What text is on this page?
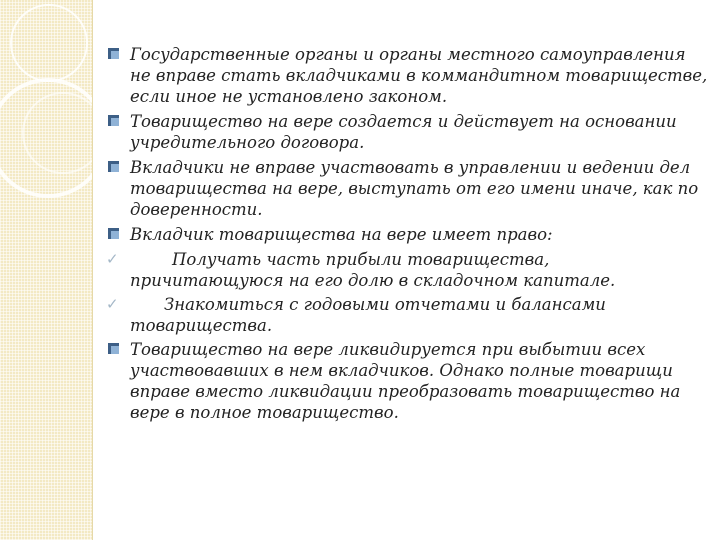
Государственные органы и органы местного самоуправления не вправе стать вкладчиками в коммандитном товариществе, если иное не установлено законом.
Товарищество на вере создается и действует на основании учредительного договора.
Вкладчики не вправе участвовать в управлении и ведении дел товарищества на вере, выступать от его имени иначе, как по доверенности.
Вкладчик товарищества на вере имеет право:
✓	Получать часть прибыли товарищества, причитающуюся на его долю в складочном капитале.
✓	Знакомиться с годовыми отчетами и балансами товарищества.
Товарищество на вере ликвидируется при выбытии всех участвовавших в нем вкладчиков. Однако полные товарищи вправе вместо ликвидации преобразовать товарищество на вере в полное товарищество.
